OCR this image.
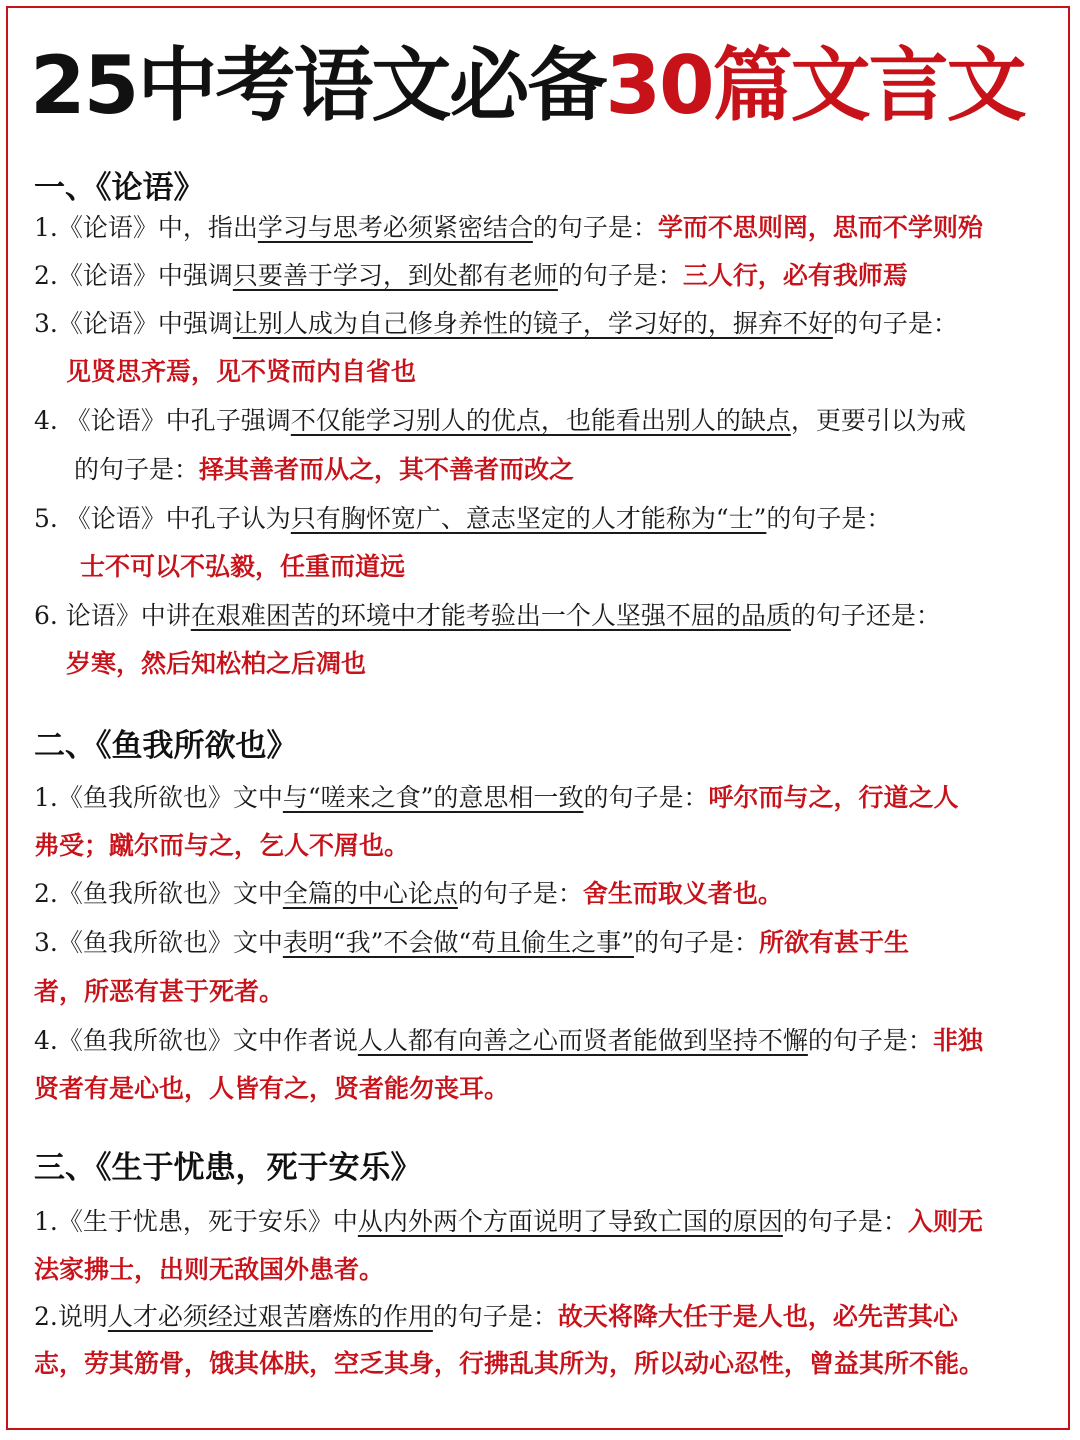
25中考语文必备30篇文言文
一、《论语》
1.《论语》中，指出学习与思考必须紧密结合的句子是：学而不思则罔，思而不学则殆
2.《论语》中强调只要善于学习，到处都有老师的句子是：三人行，必有我师焉
3.《论语》中强调让别人成为自己修身养性的镜子，学习好的，摒弃不好的句子是：
见贤思齐焉，见不贤而内自省也
4. 《论语》中孔子强调不仅能学习别人的优点，也能看出别人的缺点，更要引以为戒
的句子是：择其善者而从之，其不善者而改之
5. 《论语》中孔子认为只有胸怀宽广、意志坚定的人才能称为“士”的句子是：
士不可以不弘毅，任重而道远
6. 论语》中讲在艰难困苦的环境中才能考验出一个人坚强不屈的品质的句子还是：
岁寒，然后知松柏之后凋也
二、《鱼我所欲也》
1.《鱼我所欲也》文中与“嗟来之食”的意思相一致的句子是：呼尔而与之，行道之人
弗受；蹴尔而与之，乞人不屑也。
2.《鱼我所欲也》文中全篇的中心论点的句子是：舍生而取义者也。
3.《鱼我所欲也》文中表明“我”不会做“苟且偷生之事”的句子是：所欲有甚于生
者，所恶有甚于死者。
4.《鱼我所欲也》文中作者说人人都有向善之心而贤者能做到坚持不懈的句子是：非独
贤者有是心也，人皆有之，贤者能勿丧耳。
三、《生于忧患，死于安乐》
1.《生于忧患，死于安乐》中从内外两个方面说明了导致亡国的原因的句子是：入则无
法家拂士，出则无敌国外患者。
2.说明人才必须经过艰苦磨炼的作用的句子是：故天将降大任于是人也，必先苦其心
志，劳其筋骨，饿其体肤，空乏其身，行拂乱其所为，所以动心忍性，曾益其所不能。
